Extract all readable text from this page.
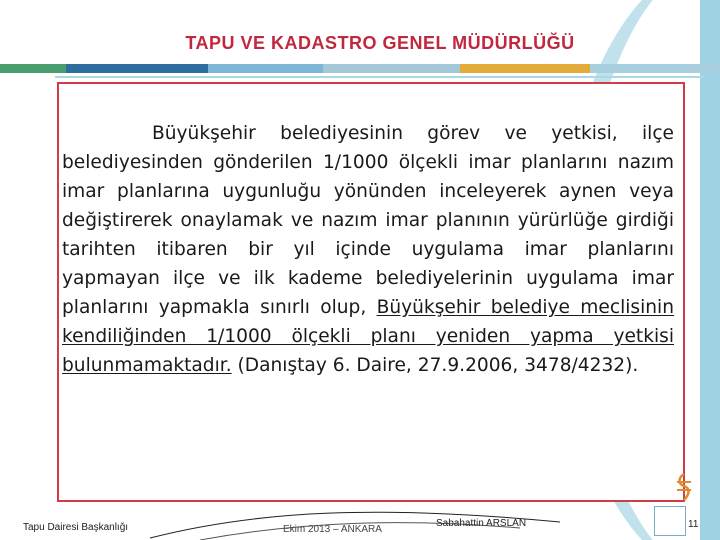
TAPU VE KADASTRO GENEL MÜDÜRLÜĞÜ

Büyükşehir belediyesinin görev ve yetkisi, ilçe belediyesinden gönderilen 1/1000 ölçekli imar planlarını nazım imar planlarına uygunluğu yönünden inceleyerek aynen veya değiştirerek onaylamak ve nazım imar planının yürürlüğe girdiği tarihten itibaren bir yıl içinde uygulama imar planlarını yapmayan ilçe ve ilk kademe belediyelerinin uygulama imar planlarını yapmakla sınırlı olup, Büyükşehir belediye meclisinin kendiliğinden 1/1000 ölçekli planı yeniden yapma yetkisi bulunmamaktadır. (Danıştay 6. Daire, 27.9.2006, 3478/4232).

Tapu Dairesi Başkanlığı	Ekim 2013 – ANKARA
Sabahattin ARSLAN	11
